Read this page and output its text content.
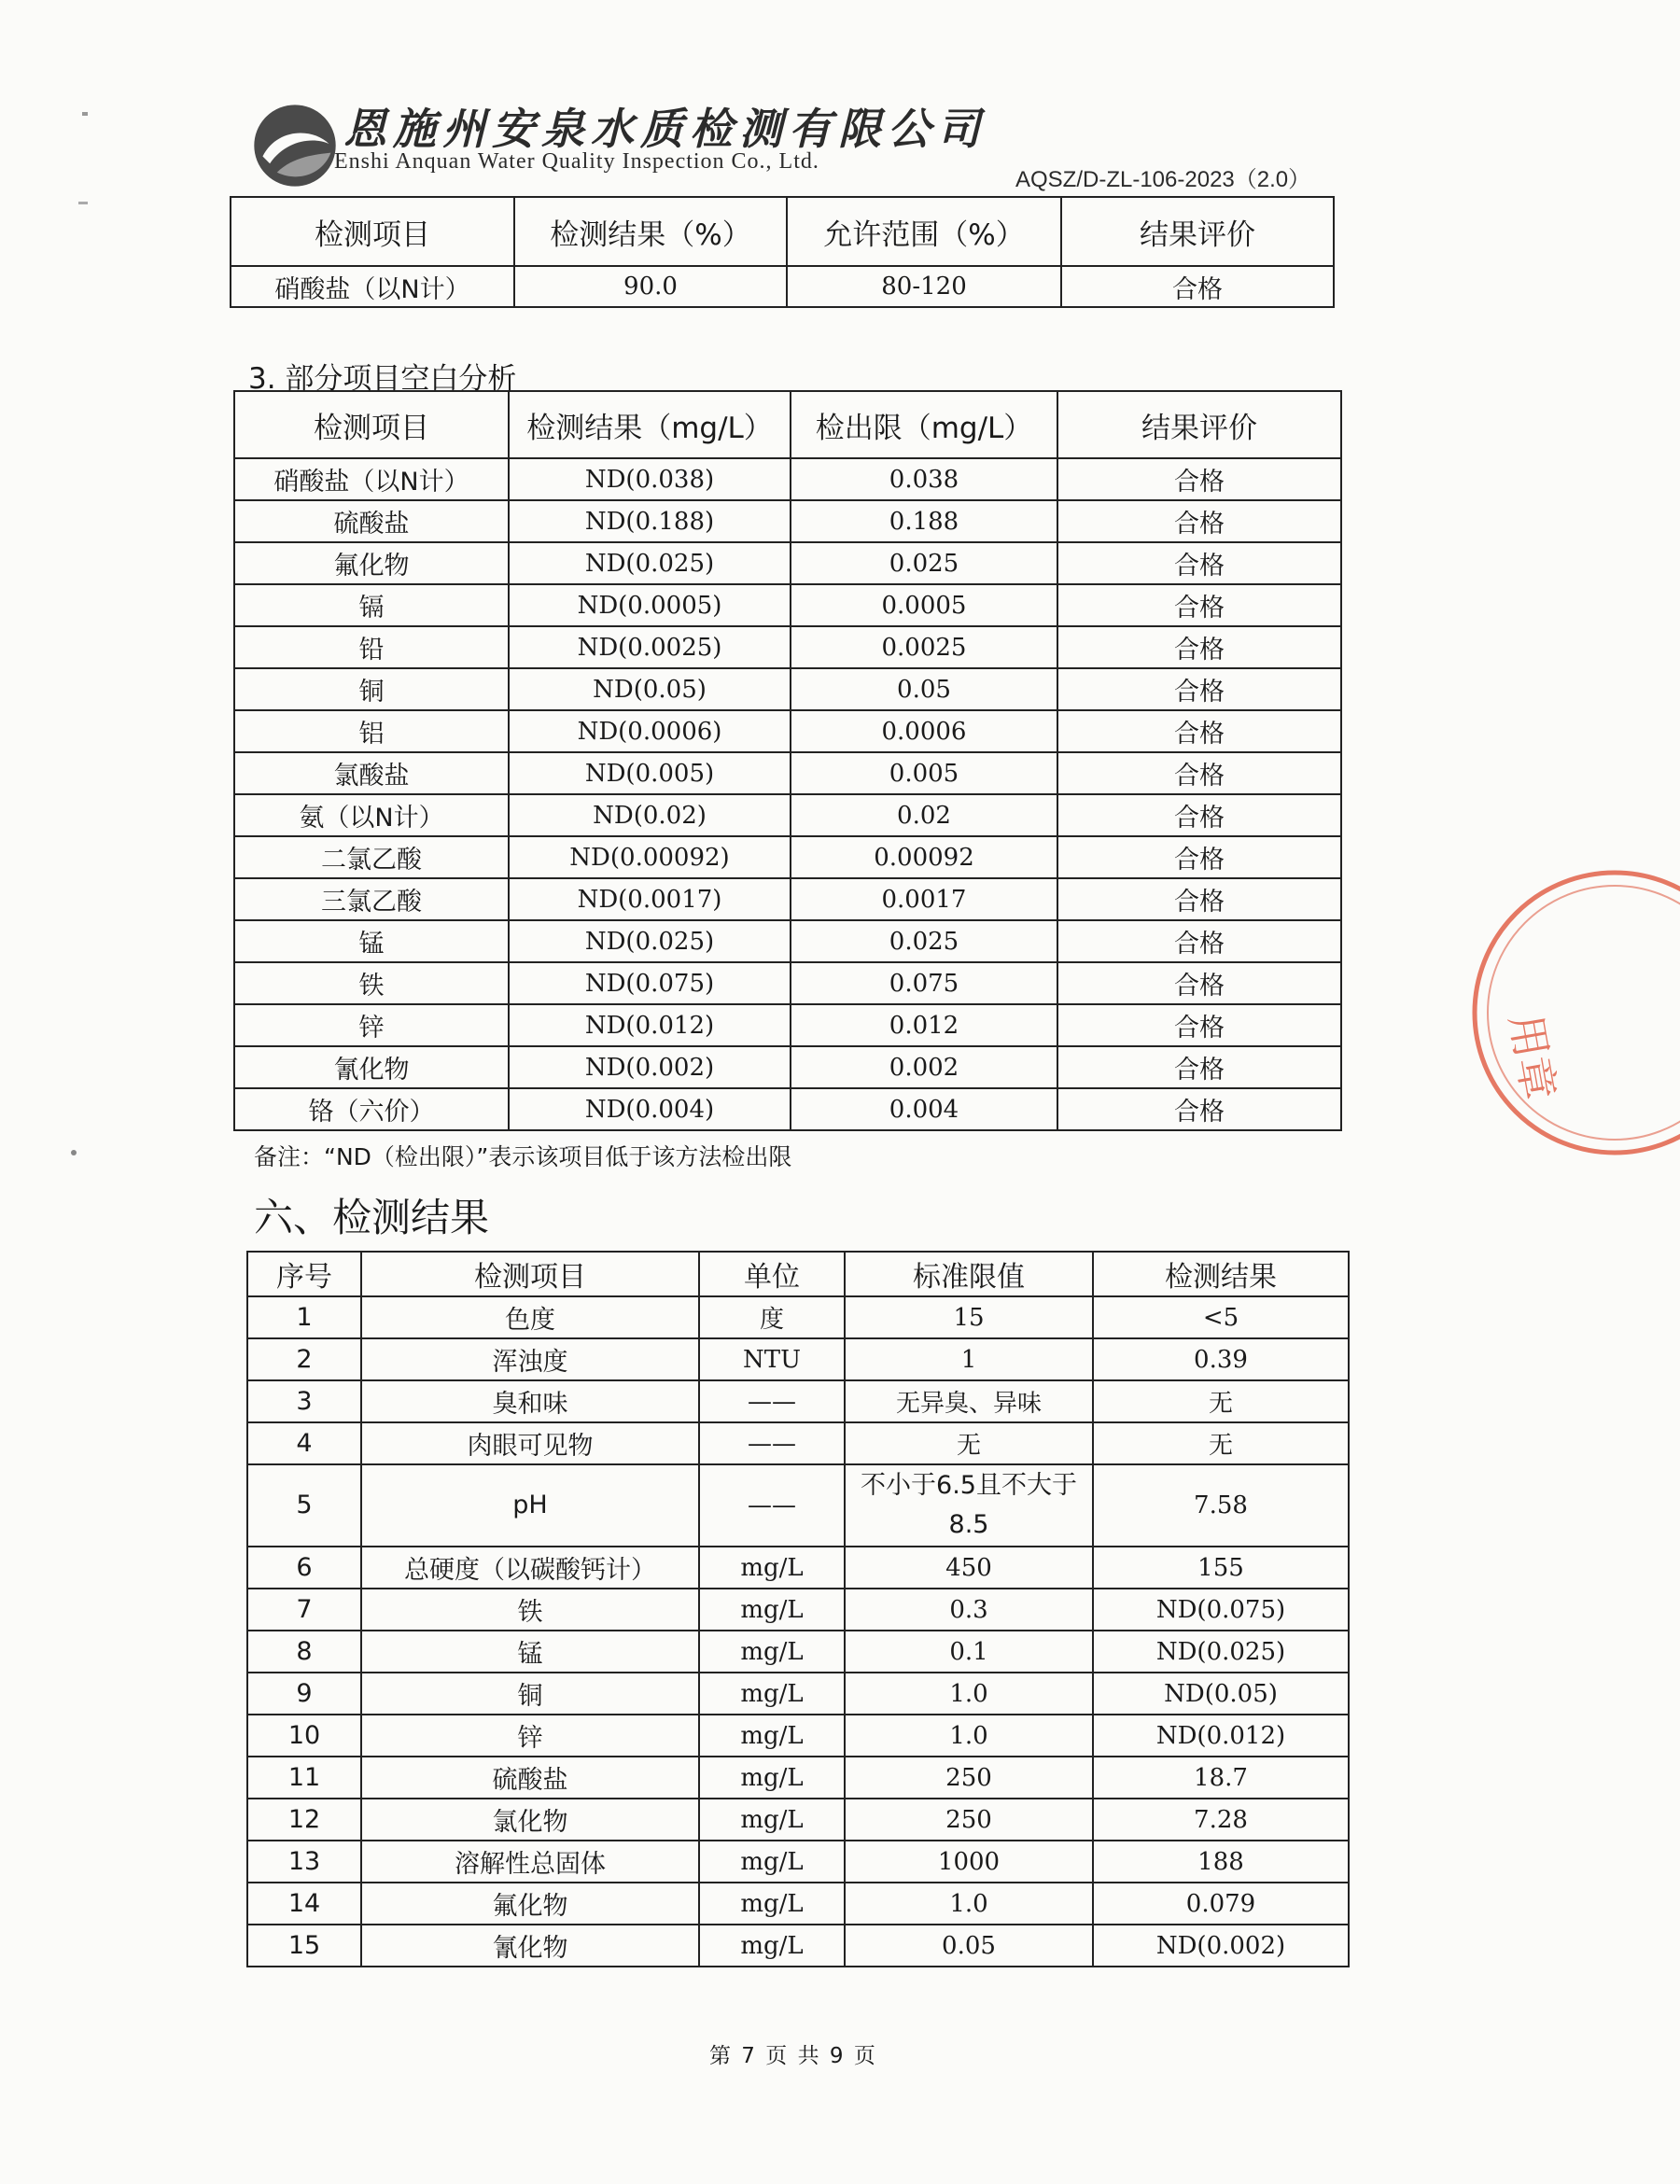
恩施州安泉水质检测有限公司
Enshi Anquan Water Quality Inspection Co., Ltd.
AQSZ/D-ZL-106-2023（2.0）
检测项目	检测结果（%）	允许范围（%）	结果评价
硝酸盐（以N计）	90.0	80-120	合格
3. 部分项目空白分析
检测项目	检测结果（mg/L）	检出限（mg/L）	结果评价
硝酸盐（以N计）	ND(0.038)	0.038	合格
硫酸盐	ND(0.188)	0.188	合格
氟化物	ND(0.025)	0.025	合格
镉	ND(0.0005)	0.0005	合格
铅	ND(0.0025)	0.0025	合格
铜	ND(0.05)	0.05	合格
铝	ND(0.0006)	0.0006	合格
氯酸盐	ND(0.005)	0.005	合格
氨（以N计）	ND(0.02)	0.02	合格
二氯乙酸	ND(0.00092)	0.00092	合格
三氯乙酸	ND(0.0017)	0.0017	合格
锰	ND(0.025)	0.025	合格
铁	ND(0.075)	0.075	合格
锌	ND(0.012)	0.012	合格
氰化物	ND(0.002)	0.002	合格
铬（六价）	ND(0.004)	0.004	合格
备注：“ND（检出限）”表示该项目低于该方法检出限
六、检测结果
序号	检测项目	单位	标准限值	检测结果
1	色度	度	15	<5
2	浑浊度	NTU	1	0.39
3	臭和味	——	无异臭、异味	无
4	肉眼可见物	——	无	无
5	pH	——	不小于6.5且不大于8.5	7.58
6	总硬度（以碳酸钙计）	mg/L	450	155
7	铁	mg/L	0.3	ND(0.075)
8	锰	mg/L	0.1	ND(0.025)
9	铜	mg/L	1.0	ND(0.05)
10	锌	mg/L	1.0	ND(0.012)
11	硫酸盐	mg/L	250	18.7
12	氯化物	mg/L	250	7.28
13	溶解性总固体	mg/L	1000	188
14	氟化物	mg/L	1.0	0.079
15	氰化物	mg/L	0.05	ND(0.002)
第 7 页 共 9 页
用章
